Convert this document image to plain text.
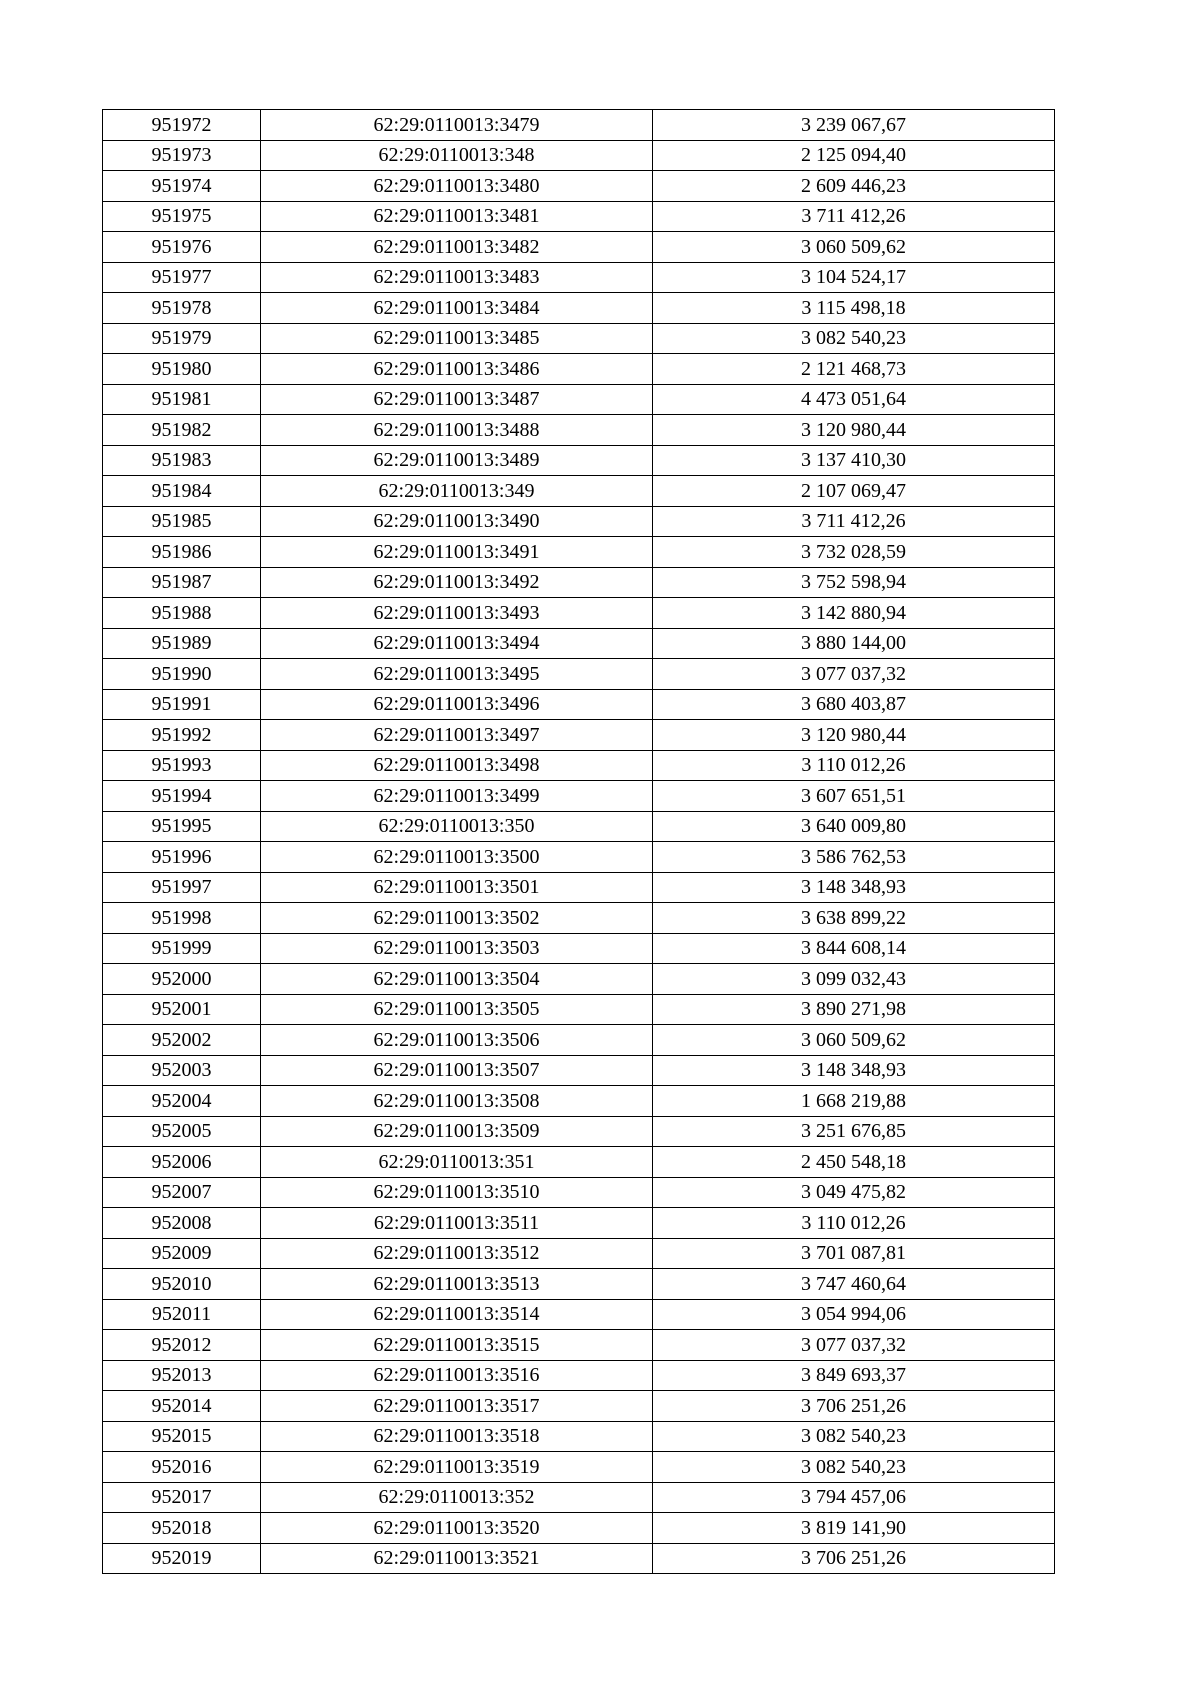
951972	62:29:0110013:3479	3 239 067,67
951973	62:29:0110013:348	2 125 094,40
951974	62:29:0110013:3480	2 609 446,23
951975	62:29:0110013:3481	3 711 412,26
951976	62:29:0110013:3482	3 060 509,62
951977	62:29:0110013:3483	3 104 524,17
951978	62:29:0110013:3484	3 115 498,18
951979	62:29:0110013:3485	3 082 540,23
951980	62:29:0110013:3486	2 121 468,73
951981	62:29:0110013:3487	4 473 051,64
951982	62:29:0110013:3488	3 120 980,44
951983	62:29:0110013:3489	3 137 410,30
951984	62:29:0110013:349	2 107 069,47
951985	62:29:0110013:3490	3 711 412,26
951986	62:29:0110013:3491	3 732 028,59
951987	62:29:0110013:3492	3 752 598,94
951988	62:29:0110013:3493	3 142 880,94
951989	62:29:0110013:3494	3 880 144,00
951990	62:29:0110013:3495	3 077 037,32
951991	62:29:0110013:3496	3 680 403,87
951992	62:29:0110013:3497	3 120 980,44
951993	62:29:0110013:3498	3 110 012,26
951994	62:29:0110013:3499	3 607 651,51
951995	62:29:0110013:350	3 640 009,80
951996	62:29:0110013:3500	3 586 762,53
951997	62:29:0110013:3501	3 148 348,93
951998	62:29:0110013:3502	3 638 899,22
951999	62:29:0110013:3503	3 844 608,14
952000	62:29:0110013:3504	3 099 032,43
952001	62:29:0110013:3505	3 890 271,98
952002	62:29:0110013:3506	3 060 509,62
952003	62:29:0110013:3507	3 148 348,93
952004	62:29:0110013:3508	1 668 219,88
952005	62:29:0110013:3509	3 251 676,85
952006	62:29:0110013:351	2 450 548,18
952007	62:29:0110013:3510	3 049 475,82
952008	62:29:0110013:3511	3 110 012,26
952009	62:29:0110013:3512	3 701 087,81
952010	62:29:0110013:3513	3 747 460,64
952011	62:29:0110013:3514	3 054 994,06
952012	62:29:0110013:3515	3 077 037,32
952013	62:29:0110013:3516	3 849 693,37
952014	62:29:0110013:3517	3 706 251,26
952015	62:29:0110013:3518	3 082 540,23
952016	62:29:0110013:3519	3 082 540,23
952017	62:29:0110013:352	3 794 457,06
952018	62:29:0110013:3520	3 819 141,90
952019	62:29:0110013:3521	3 706 251,26
